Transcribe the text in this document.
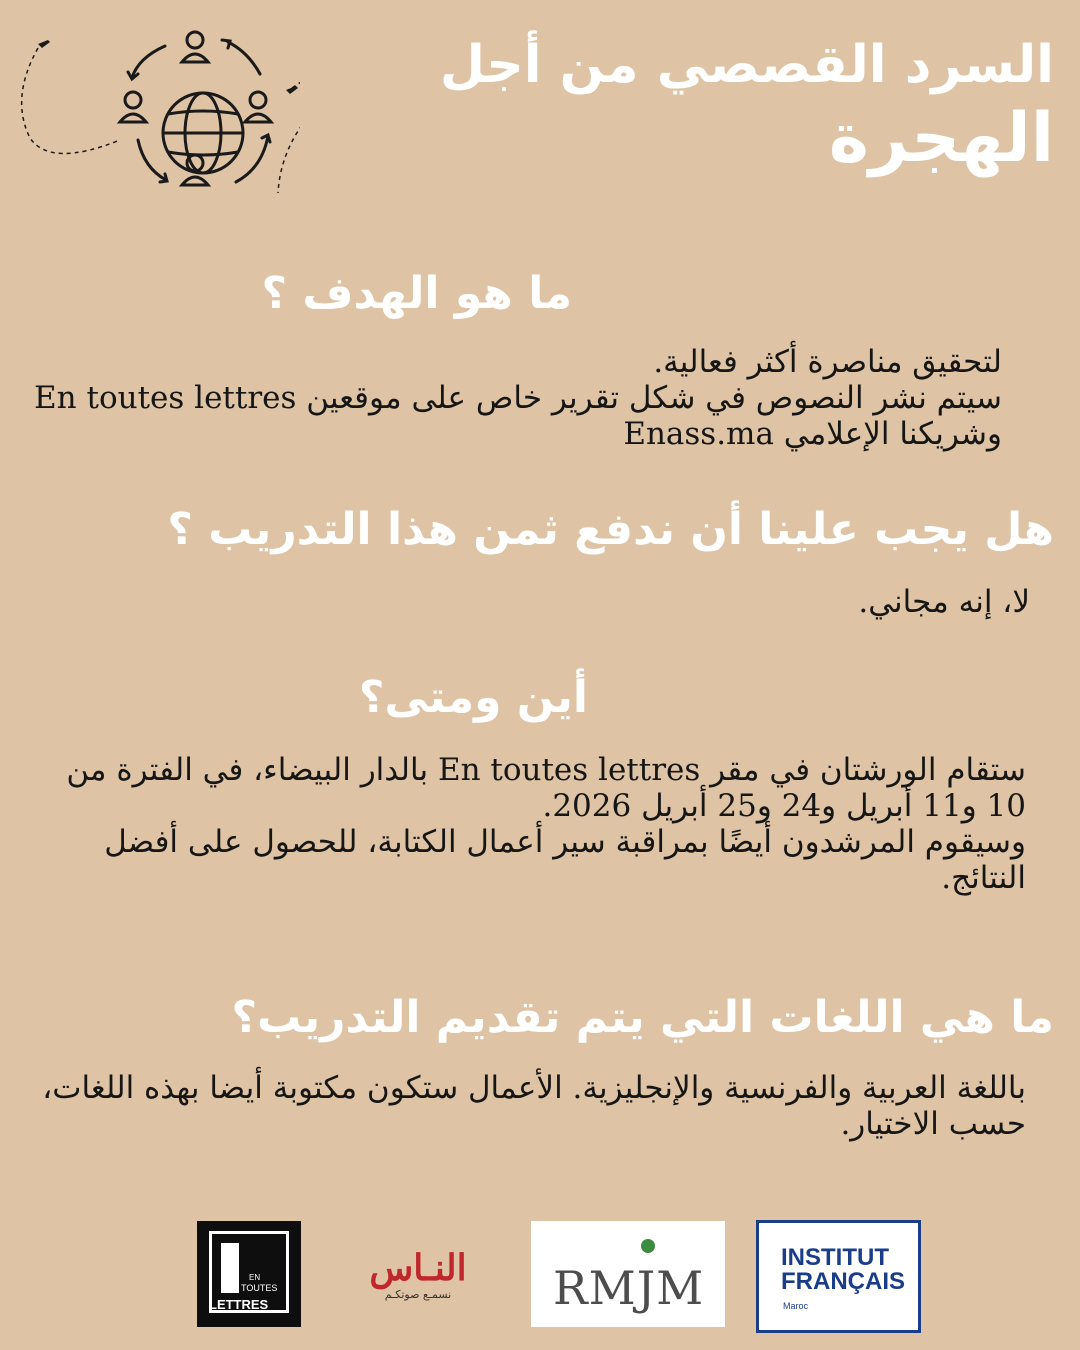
السرد القصصي من أجل
الهجرة
ما هو الهدف ؟

لتحقيق مناصرة أكثر فعالية.

سيتم نشر النصوص في شكل تقرير خاص على موقعين En toutes lettres وشريكنا الإعلامي Enass.ma

هل يجب علينا أن ندفع ثمن هذا التدريب ؟

لا، إنه مجاني.

أين ومتى؟

ستقام الورشتان في مقر En toutes lettres بالدار البيضاء، في الفترة من 10 و11 أبريل و24 و25 أبريل 2026.

وسيقوم المرشدون أيضًا بمراقبة سير أعمال الكتابة، للحصول على أفضل النتائج.

ما هي اللغات التي يتم تقديم التدريب؟

باللغة العربية والفرنسية والإنجليزية. الأعمال ستكون مكتوبة أيضا بهذه اللغات، حسب الاختيار.

EN
TOUTES
LETTRES
النـاس
نسمـع صوتكـم	RMJM
INSTITUT
FRANÇAIS
Maroc
